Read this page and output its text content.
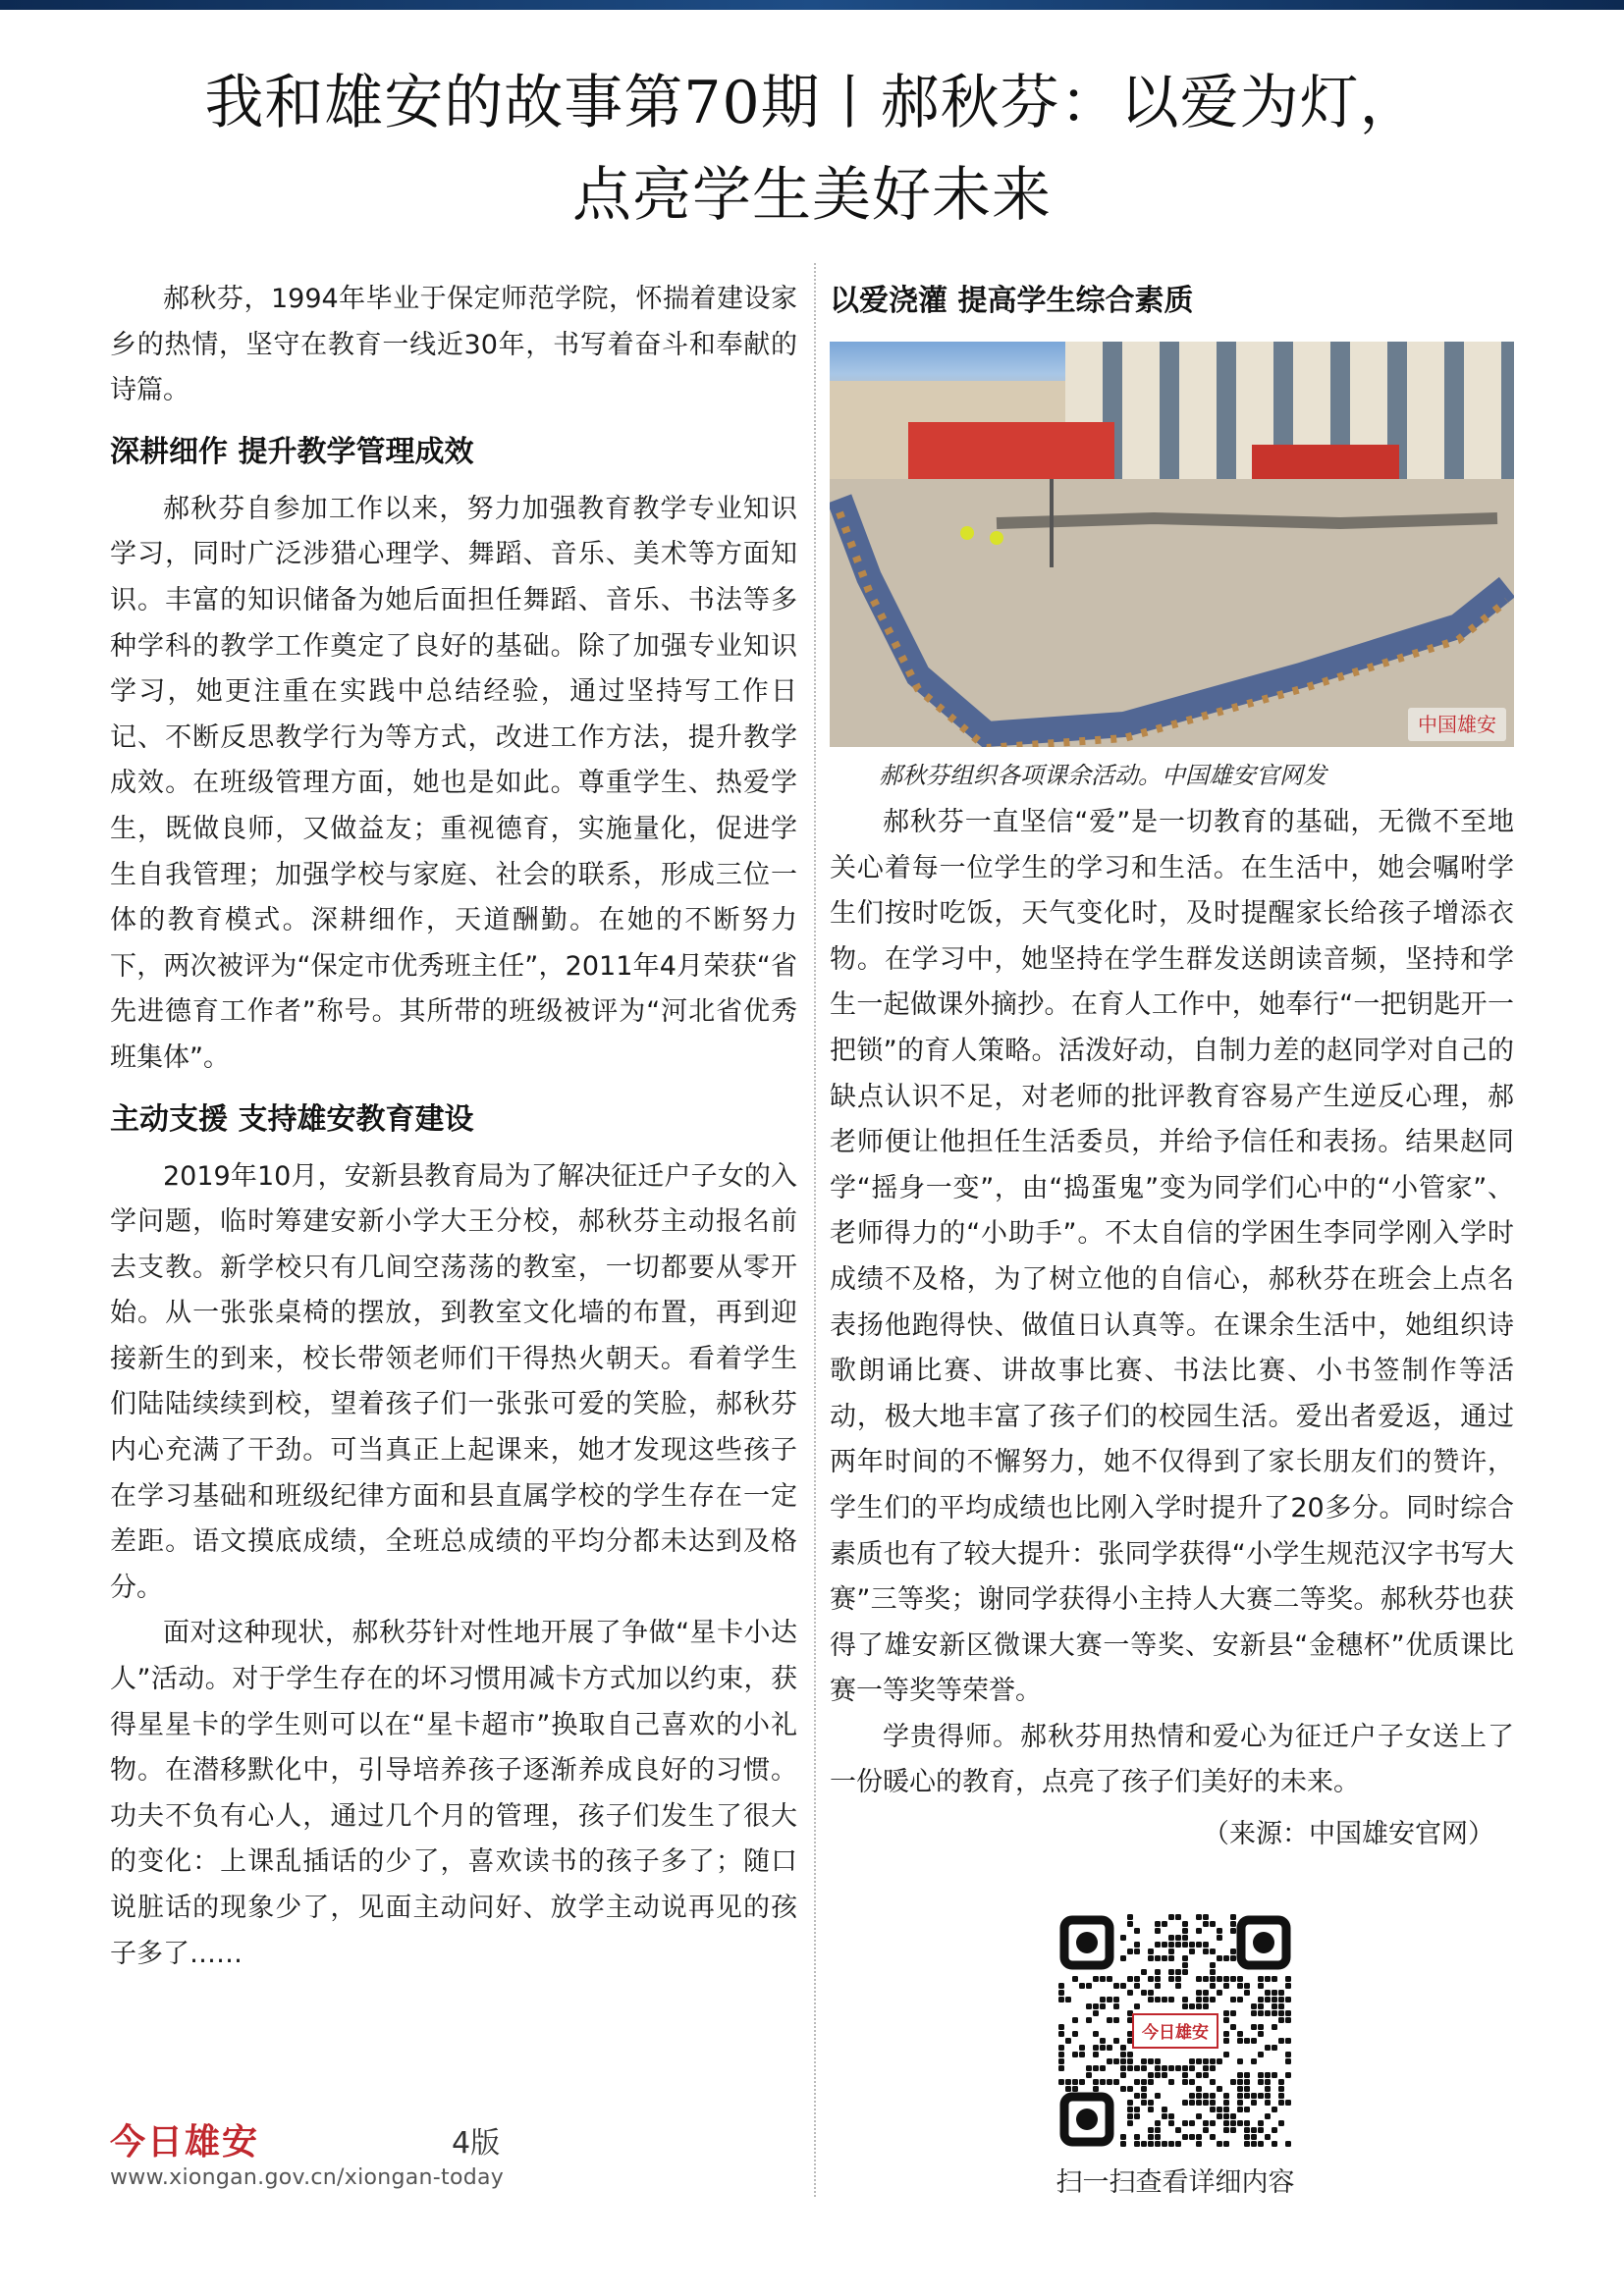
我和雄安的故事第70期丨郝秋芬：以爱为灯，
点亮学生美好未来

郝秋芬，1994年毕业于保定师范学院，怀揣着建设家乡的热情，坚守在教育一线近30年，书写着奋斗和奉献的诗篇。

深耕细作 提升教学管理成效

郝秋芬自参加工作以来，努力加强教育教学专业知识学习，同时广泛涉猎心理学、舞蹈、音乐、美术等方面知识。丰富的知识储备为她后面担任舞蹈、音乐、书法等多种学科的教学工作奠定了良好的基础。除了加强专业知识学习，她更注重在实践中总结经验，通过坚持写工作日记、不断反思教学行为等方式，改进工作方法，提升教学成效。在班级管理方面，她也是如此。尊重学生、热爱学生，既做良师，又做益友；重视德育，实施量化，促进学生自我管理；加强学校与家庭、社会的联系，形成三位一体的教育模式。深耕细作，天道酬勤。在她的不断努力下，两次被评为“保定市优秀班主任”，2011年4月荣获“省先进德育工作者”称号。其所带的班级被评为“河北省优秀班集体”。

主动支援 支持雄安教育建设

2019年10月，安新县教育局为了解决征迁户子女的入学问题，临时筹建安新小学大王分校，郝秋芬主动报名前去支教。新学校只有几间空荡荡的教室，一切都要从零开始。从一张张桌椅的摆放，到教室文化墙的布置，再到迎接新生的到来，校长带领老师们干得热火朝天。看着学生们陆陆续续到校，望着孩子们一张张可爱的笑脸，郝秋芬内心充满了干劲。可当真正上起课来，她才发现这些孩子在学习基础和班级纪律方面和县直属学校的学生存在一定差距。语文摸底成绩，全班总成绩的平均分都未达到及格分。

面对这种现状，郝秋芬针对性地开展了争做“星卡小达人”活动。对于学生存在的坏习惯用减卡方式加以约束，获得星星卡的学生则可以在“星卡超市”换取自己喜欢的小礼物。在潜移默化中，引导培养孩子逐渐养成良好的习惯。功夫不负有心人，通过几个月的管理，孩子们发生了很大的变化：上课乱插话的少了，喜欢读书的孩子多了；随口说脏话的现象少了，见面主动问好、放学主动说再见的孩子多了……

以爱浇灌 提高学生综合素质
中国雄安
郝秋芬组织各项课余活动。中国雄安官网发

郝秋芬一直坚信“爱”是一切教育的基础，无微不至地关心着每一位学生的学习和生活。在生活中，她会嘱咐学生们按时吃饭，天气变化时，及时提醒家长给孩子增添衣物。在学习中，她坚持在学生群发送朗读音频，坚持和学生一起做课外摘抄。在育人工作中，她奉行“一把钥匙开一把锁”的育人策略。活泼好动，自制力差的赵同学对自己的缺点认识不足，对老师的批评教育容易产生逆反心理，郝老师便让他担任生活委员，并给予信任和表扬。结果赵同学“摇身一变”，由“捣蛋鬼”变为同学们心中的“小管家”、老师得力的“小助手”。不太自信的学困生李同学刚入学时成绩不及格，为了树立他的自信心，郝秋芬在班会上点名表扬他跑得快、做值日认真等。在课余生活中，她组织诗歌朗诵比赛、讲故事比赛、书法比赛、小书签制作等活动，极大地丰富了孩子们的校园生活。爱出者爱返，通过两年时间的不懈努力，她不仅得到了家长朋友们的赞许，学生们的平均成绩也比刚入学时提升了20多分。同时综合素质也有了较大提升：张同学获得“小学生规范汉字书写大赛”三等奖；谢同学获得小主持人大赛二等奖。郝秋芬也获得了雄安新区微课大赛一等奖、安新县“金穗杯”优质课比赛一等奖等荣誉。

学贵得师。郝秋芬用热情和爱心为征迁户子女送上了一份暖心的教育，点亮了孩子们美好的未来。

（来源：中国雄安官网）
今日雄安
扫一扫查看详细内容
今日雄安	4版
www.xiongan.gov.cn/xiongan-today
